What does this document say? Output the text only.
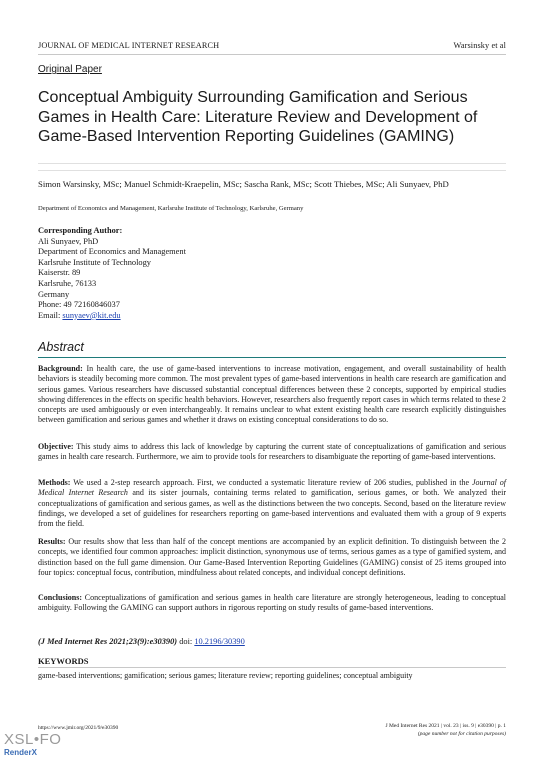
JOURNAL OF MEDICAL INTERNET RESEARCH	Warsinsky et al
Original Paper
Conceptual Ambiguity Surrounding Gamification and Serious Games in Health Care: Literature Review and Development of Game-Based Intervention Reporting Guidelines (GAMING)

Simon Warsinsky, MSc; Manuel Schmidt-Kraepelin, MSc; Sascha Rank, MSc; Scott Thiebes, MSc; Ali Sunyaev, PhD

Department of Economics and Management, Karlsruhe Institute of Technology, Karlsruhe, Germany
Corresponding Author:
Ali Sunyaev, PhD
Department of Economics and Management
Karlsruhe Institute of Technology
Kaiserstr. 89
Karlsruhe, 76133
Germany
Phone: 49 72160846037
Email: sunyaev@kit.edu
Abstract

Background: In health care, the use of game-based interventions to increase motivation, engagement, and overall sustainability of health behaviors is steadily becoming more common. The most prevalent types of game-based interventions in health care research are gamification and serious games. Various researchers have discussed substantial conceptual differences between these 2 concepts, supported by empirical studies showing differences in the effects on specific health behaviors. However, researchers also frequently report cases in which terms related to these 2 concepts are used ambiguously or even interchangeably. It remains unclear to what extent existing health care research explicitly distinguishes between gamification and serious games and whether it draws on existing conceptual considerations to do so.

Objective: This study aims to address this lack of knowledge by capturing the current state of conceptualizations of gamification and serious games in health care research. Furthermore, we aim to provide tools for researchers to disambiguate the reporting of game-based interventions.

Methods: We used a 2-step research approach. First, we conducted a systematic literature review of 206 studies, published in the Journal of Medical Internet Research and its sister journals, containing terms related to gamification, serious games, or both. We analyzed their conceptualizations of gamification and serious games, as well as the distinctions between the two concepts. Second, based on the literature review findings, we developed a set of guidelines for researchers reporting on game-based interventions and evaluated them with a group of 9 experts from the field.

Results: Our results show that less than half of the concept mentions are accompanied by an explicit definition. To distinguish between the 2 concepts, we identified four common approaches: implicit distinction, synonymous use of terms, serious games as a type of gamified system, and distinction based on the full game dimension. Our Game-Based Intervention Reporting Guidelines (GAMING) consist of 25 items grouped into four topics: conceptual focus, contribution, mindfulness about related concepts, and individual concept definitions.

Conclusions: Conceptualizations of gamification and serious games in health care literature are strongly heterogeneous, leading to conceptual ambiguity. Following the GAMING can support authors in rigorous reporting on study results of game-based interventions.

(J Med Internet Res 2021;23(9):e30390) doi: 10.2196/30390
KEYWORDS
game-based interventions; gamification; serious games; literature review; reporting guidelines; conceptual ambiguity
https://www.jmir.org/2021/9/e30390	J Med Internet Res 2021 | vol. 23 | iss. 9 | e30390 | p. 1
(page number not for citation purposes)
XSL•FO
RenderX
